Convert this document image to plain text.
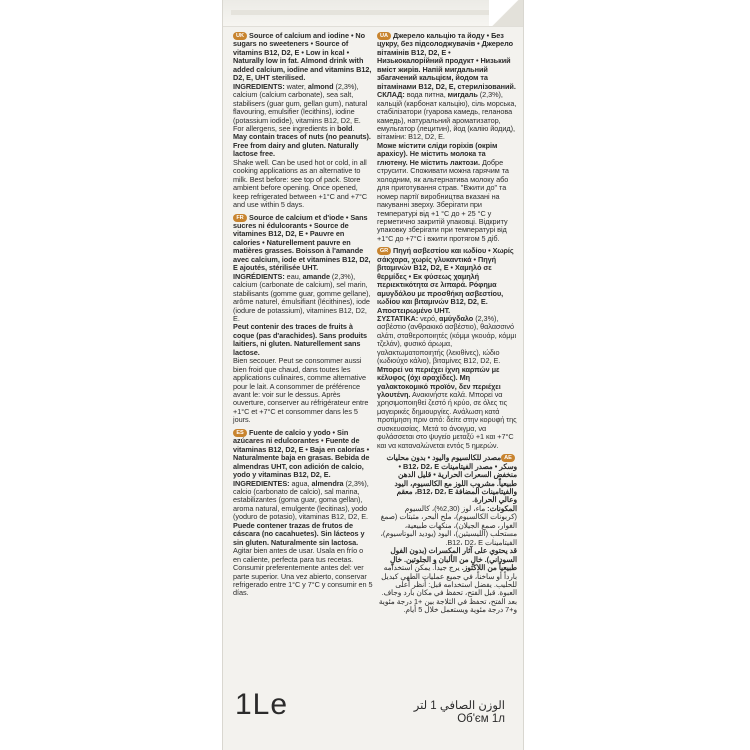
UK Source of calcium and iodine • No sugars no sweeteners • Source of vitamins B12, D2, E • Low in kcal • Naturally low in fat. Almond drink with added calcium, iodine and vitamins B12, D2, E, UHT sterilised.

INGREDIENTS: water, almond (2,3%), calcium (calcium carbonate), sea salt, stabilisers (guar gum, gellan gum), natural flavouring, emulsifier (lecithins), iodine (potassium iodide), vitamins B12, D2, E. For allergens, see ingredients in bold.

May contain traces of nuts (no peanuts). Free from dairy and gluten. Naturally lactose free.

Shake well. Can be used hot or cold, in all cooking applications as an alternative to milk. Best before: see top of pack. Store ambient before opening. Once opened, keep refrigerated between +1°C and +7°C and use within 5 days.

FR Source de calcium et d'iode • Sans sucres ni édulcorants • Source de vitamines B12, D2, E • Pauvre en calories • Naturellement pauvre en matières grasses. Boisson à l'amande avec calcium, iode et vitamines B12, D2, E ajoutés, stérilisée UHT.

INGRÉDIENTS: eau, amande (2,3%), calcium (carbonate de calcium), sel marin, stabilisants (gomme guar, gomme gellane), arôme naturel, émulsifiant (lécithines), iode (iodure de potassium), vitamines B12, D2, E.

Peut contenir des traces de fruits à coque (pas d'arachides). Sans produits laitiers, ni gluten. Naturellement sans lactose.

Bien secouer. Peut se consommer aussi bien froid que chaud, dans toutes les applications culinaires, comme alternative pour le lait. A consommer de préférence avant le: voir sur le dessus. Après ouverture, conserver au réfrigérateur entre +1°C et +7°C et consommer dans les 5 jours.

ES Fuente de calcio y yodo • Sin azúcares ni edulcorantes • Fuente de vitaminas B12, D2, E • Baja en calorías • Naturalmente baja en grasas. Bebida de almendras UHT, con adición de calcio, yodo y vitaminas B12, D2, E.

INGREDIENTES: agua, almendra (2,3%), calcio (carbonato de calcio), sal marina, estabilizantes (goma guar, goma gellan), aroma natural, emulgente (lecitinas), yodo (yoduro de potasio), vitaminas B12, D2, E.

Puede contener trazas de frutos de cáscara (no cacahuetes). Sin lácteos y sin gluten. Naturalmente sin lactosa. Agitar bien antes de usar. Usala en frío o en caliente, perfecta para tus recetas. Consumir preferentemente antes del: ver parte superior. Una vez abierto, conservar refrigerado entre 1°C y 7°C y consumir en 5 días.

UA Джерело кальцію та йоду • Без цукру, без підсолоджувачів • Джерело вітамінів B12, D2, E • Низькокалорійний продукт • Низький вміст жирів. Напій мигдальний збагачений кальцієм, йодом та вітамінами B12, D2, E, стерилізований.

СКЛАД: вода питна, мигдаль (2,3%), кальцій (карбонат кальцію), сіль морська, стабілізатори (гуарова камедь, геланова камедь), натуральний ароматизатор, емульгатор (лецитин), йод (калію йодид), вітаміни: B12, D2, E.

Може містити сліди горіхів (окрім арахісу). Не містить молока та глютену. Не містить лактози. Добре струсити. Споживати можна гарячим та холодним, як альтернатива молоку або для приготування страв. "Вжити до" та номер партії виробництва вказані на пакуванні зверху. Зберігати при температурі від +1 °C до + 25 °C у герметично закритій упаковці. Відкриту упаковку зберігати при температурі від +1°C до +7°C і вжити протягом 5 діб.

GR Πηγή ασβεστίου και ιωδίου • Χωρίς σάκχαρα, χωρίς γλυκαντικά • Πηγή βιταμινών B12, D2, E • Χαμηλό σε θερμίδες • Εκ φύσεως χαμηλή περιεκτικότητα σε λιπαρά. Ρόφημα αμυγδάλου με προσθήκη ασβεστίου, ιωδίου και βιταμινών B12, D2, E. Αποστειρωμένο UHT.

ΣΥΣΤΑΤΙΚΑ: νερό, αμύγδαλο (2,3%), ασβέστιο (ανθρακικό ασβέστιο), θαλασσινό αλάτι, σταθεροποιητές (κόμμι γκουάρ, κόμμι τζελάν), φυσικό άρωμα, γαλακτωματοποιητής (λεκιθίνες), ιώδιο (ιωδιούχο κάλιο), βιταμίνες B12, D2, E.

Μπορεί να περιέχει ίχνη καρπών με κέλυφος (όχι αραχίδες). Μη γαλακτοκομικό προϊόν, δεν περιέχει γλουτένη. Ανακινήστε καλά. Μπορεί να χρησιμοποιηθεί ζεστό ή κρύο, σε όλες τις μαγειρικές δημιουργίες. Ανάλωση κατά προτίμηση πριν από: δείτε στην κορυφή της συσκευασίας. Μετά το άνοιγμα, να φυλάσσεται στο ψυγείο μεταξύ +1 και +7°C και να καταναλώνεται εντός 5 ημερών.

AEمصدر للكالسيوم واليود • بدون محليات وسكر • مصدر الفيتامينات B12، D2، E • منخفض السعرات الحرارية • قليل الدهن طبيعياً. مشروب اللوز مع الكالسيوم، اليود والفيتامينات المضافة B12، D2، E، معقم وعالي الحرارة.

المكونات: ماء، لوز (2,30%)، كالسيوم (كربونات الكالسيوم)، ملح البحر، مثبتات (صمغ الغوار، صمغ الجيلان)، منكهات طبيعية، مستحلب (الليسيثين)، اليود (يوديد البوتاسيوم)، الفيتامينات B12، D2، E.

قد يحتوي على آثار المكسرات (بدون الفول السوداني). خالٍ من الألبان و الجلوتين. خالٍ طبيعياً من اللاكتوز. يرج جيداً. يمكن استخدامه بارداً أو ساخناً، في جميع عمليات الطهي كبديل للحليب. يفضل استخدامه قبل: أنظر أعلى العبوة. قبل الفتح، تحفظ في مكان بارد وجاف. بعد الفتح، تحفظ في الثلاجة بين +1 درجة مئوية و+7 درجة مئوية ويستعمل خلال 5 أيام.

1Le	الوزن الصافي 1 لتر
Об'єм 1л
